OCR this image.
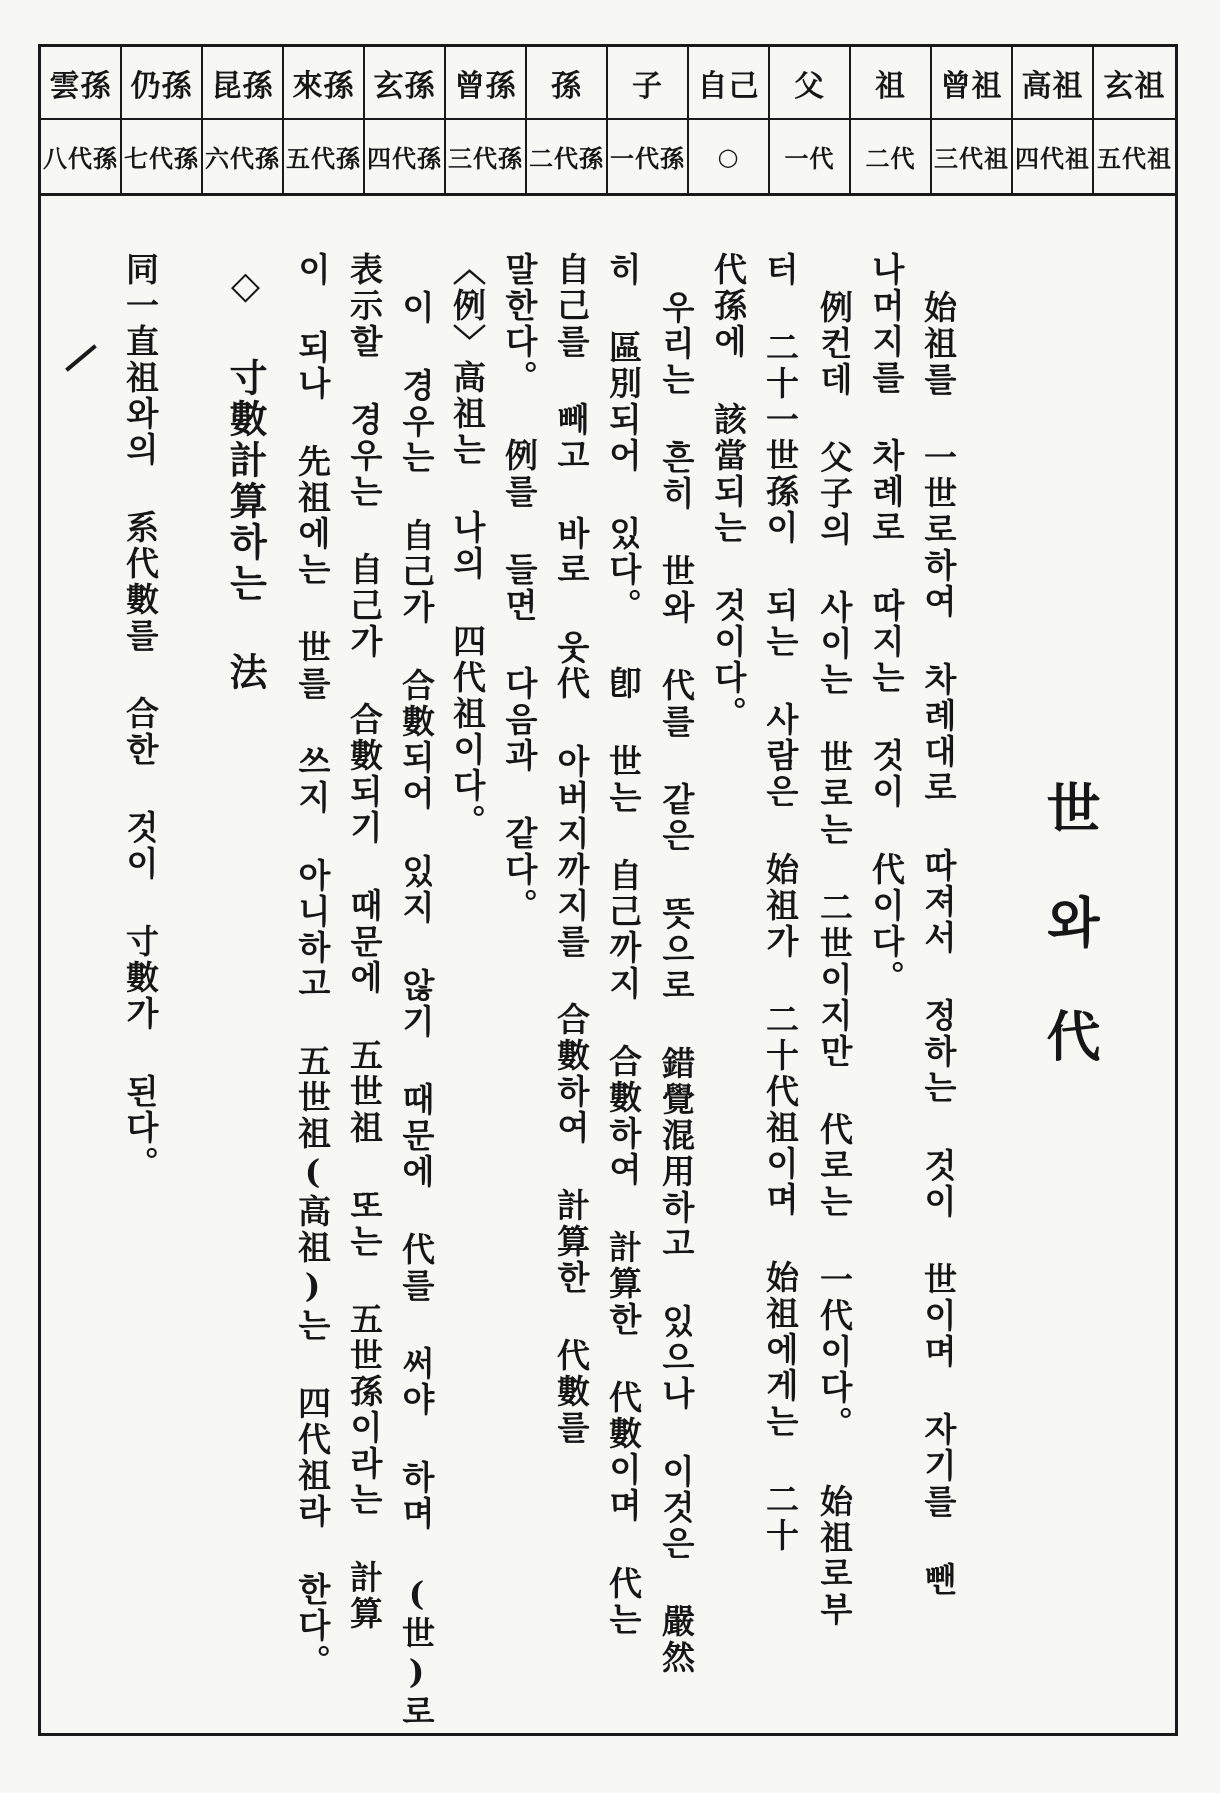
雲孫 仍孫 昆孫 來孫 玄孫 曾孫	孫	子	自己	父	祖	曾祖 高祖 玄祖
八代孫 七代孫 六代孫 五代孫 四代孫 三代孫 二代孫 一代孫	○	一代	二代 三代祖 四代祖 五代祖
世와代
始祖를 一世로하여 차례대로 따져서 정하는 것이 世이며 자기를 뺀
나머지를 차례로 따지는 것이 代이다。
例컨데 父子의 사이는 世로는 二世이지만 代로는 一代이다。 始祖로부
터 二十一世孫이 되는 사람은 始祖가 二十代祖이며 始祖에게는 二十
代孫에 該當되는 것이다。
우리는 흔히 世와 代를 같은 뜻으로 錯覺混用하고 있으나 이것은 嚴然
히 區別되어 있다。 卽 世는 自己까지 合數하여 計算한 代數이며 代는
自己를 빼고 바로 웃代 아버지까지를 合數하여 計算한 代數를
말한다。 例를 들면 다음과 같다。
〈例〉高祖는 나의 四代祖이다。
이 경우는 自己가 合數되어 있지 않기 때문에 代를 써야 하며 (世)로
表示할 경우는 自己가 合數되기 때문에 五世祖 또는 五世孫이라는 計算
이 되나 先祖에는 世를 쓰지 아니하고 五世祖(高祖)는 四代祖라 한다。
◇ 寸數計算하는 法
同一直祖와의 系代數를 合한 것이 寸數가 된다。
